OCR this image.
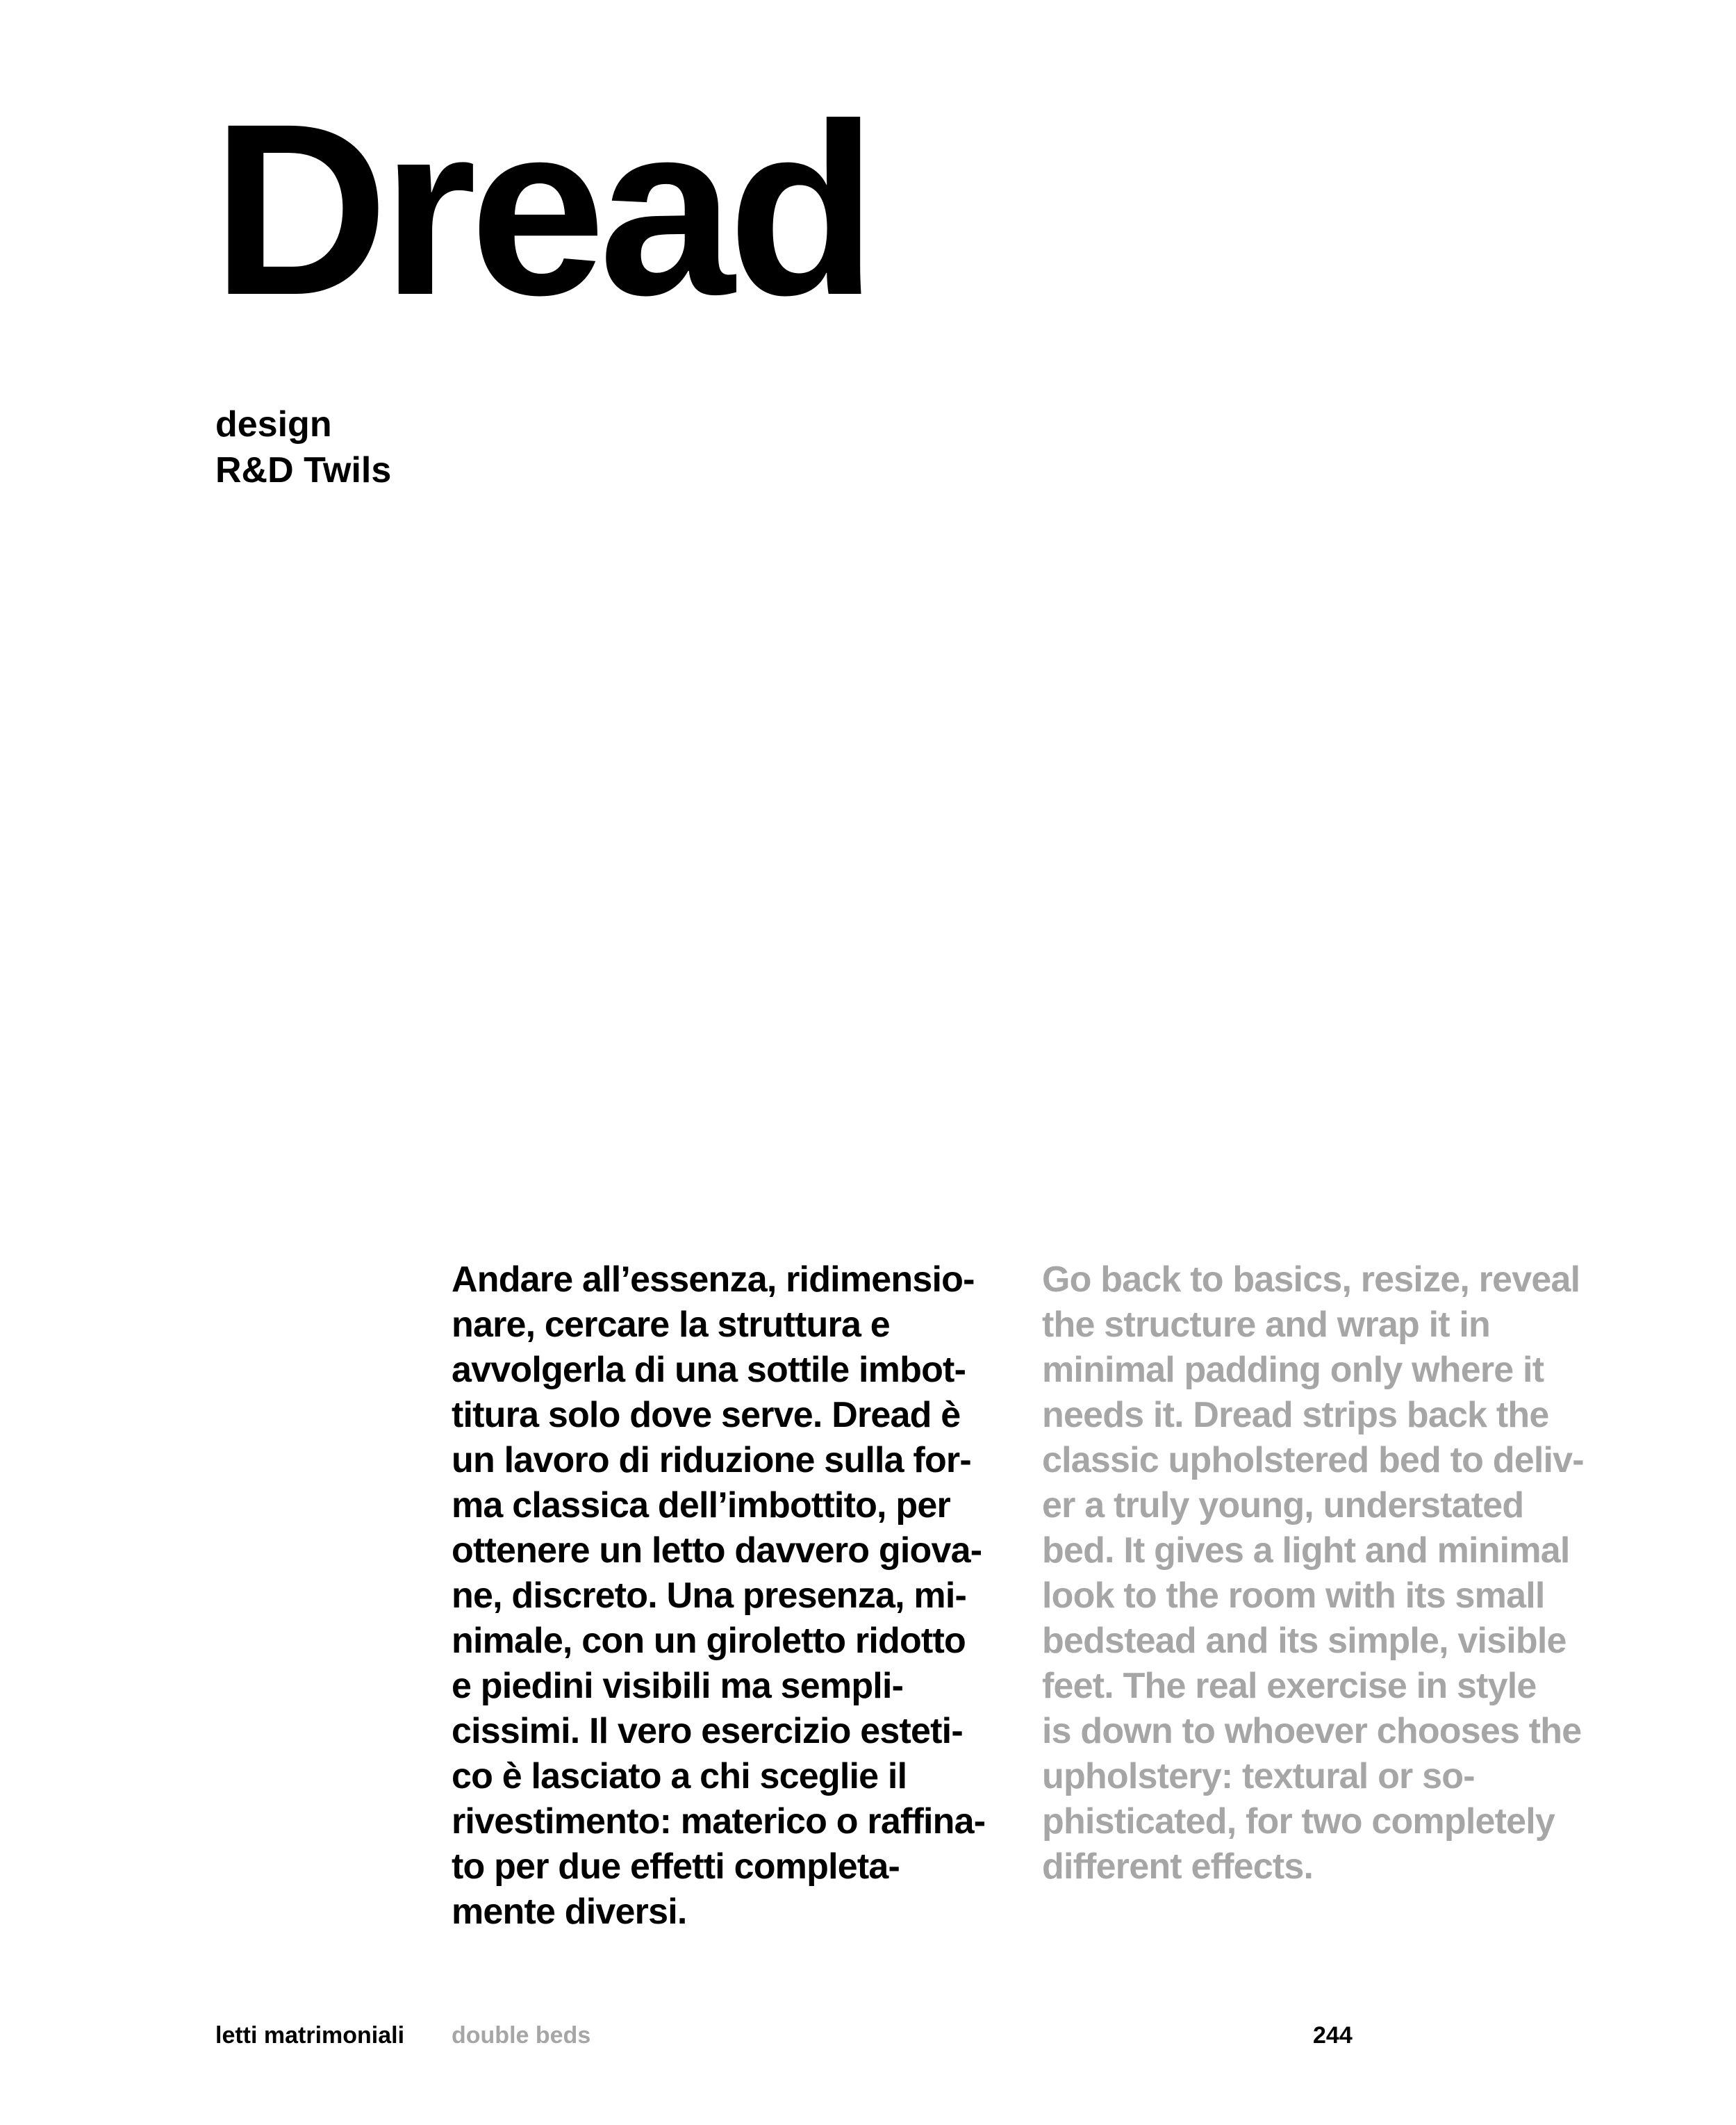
Dread
design
R&D Twils

Andare all’essenza, ridimensio-
nare, cercare la struttura e
avvolgerla di una sottile imbot-
titura solo dove serve. Dread è
un lavoro di riduzione sulla for-
ma classica dell’imbottito, per
ottenere un letto davvero giova-
ne, discreto. Una presenza, mi-
nimale, con un giroletto ridotto
e piedini visibili ma sempli-
cissimi. Il vero esercizio esteti-
co è lasciato a chi sceglie il
rivestimento: materico o raffina-
to per due effetti completa-
mente diversi.

Go back to basics, resize, reveal
the structure and wrap it in
minimal padding only where it
needs it. Dread strips back the
classic upholstered bed to deliv-
er a truly young, understated
bed. It gives a light and minimal
look to the room with its small
bedstead and its simple, visible
feet. The real exercise in style
is down to whoever chooses the
upholstery: textural or so-
phisticated, for two completely
different effects.

letti matrimoniali double beds	244
